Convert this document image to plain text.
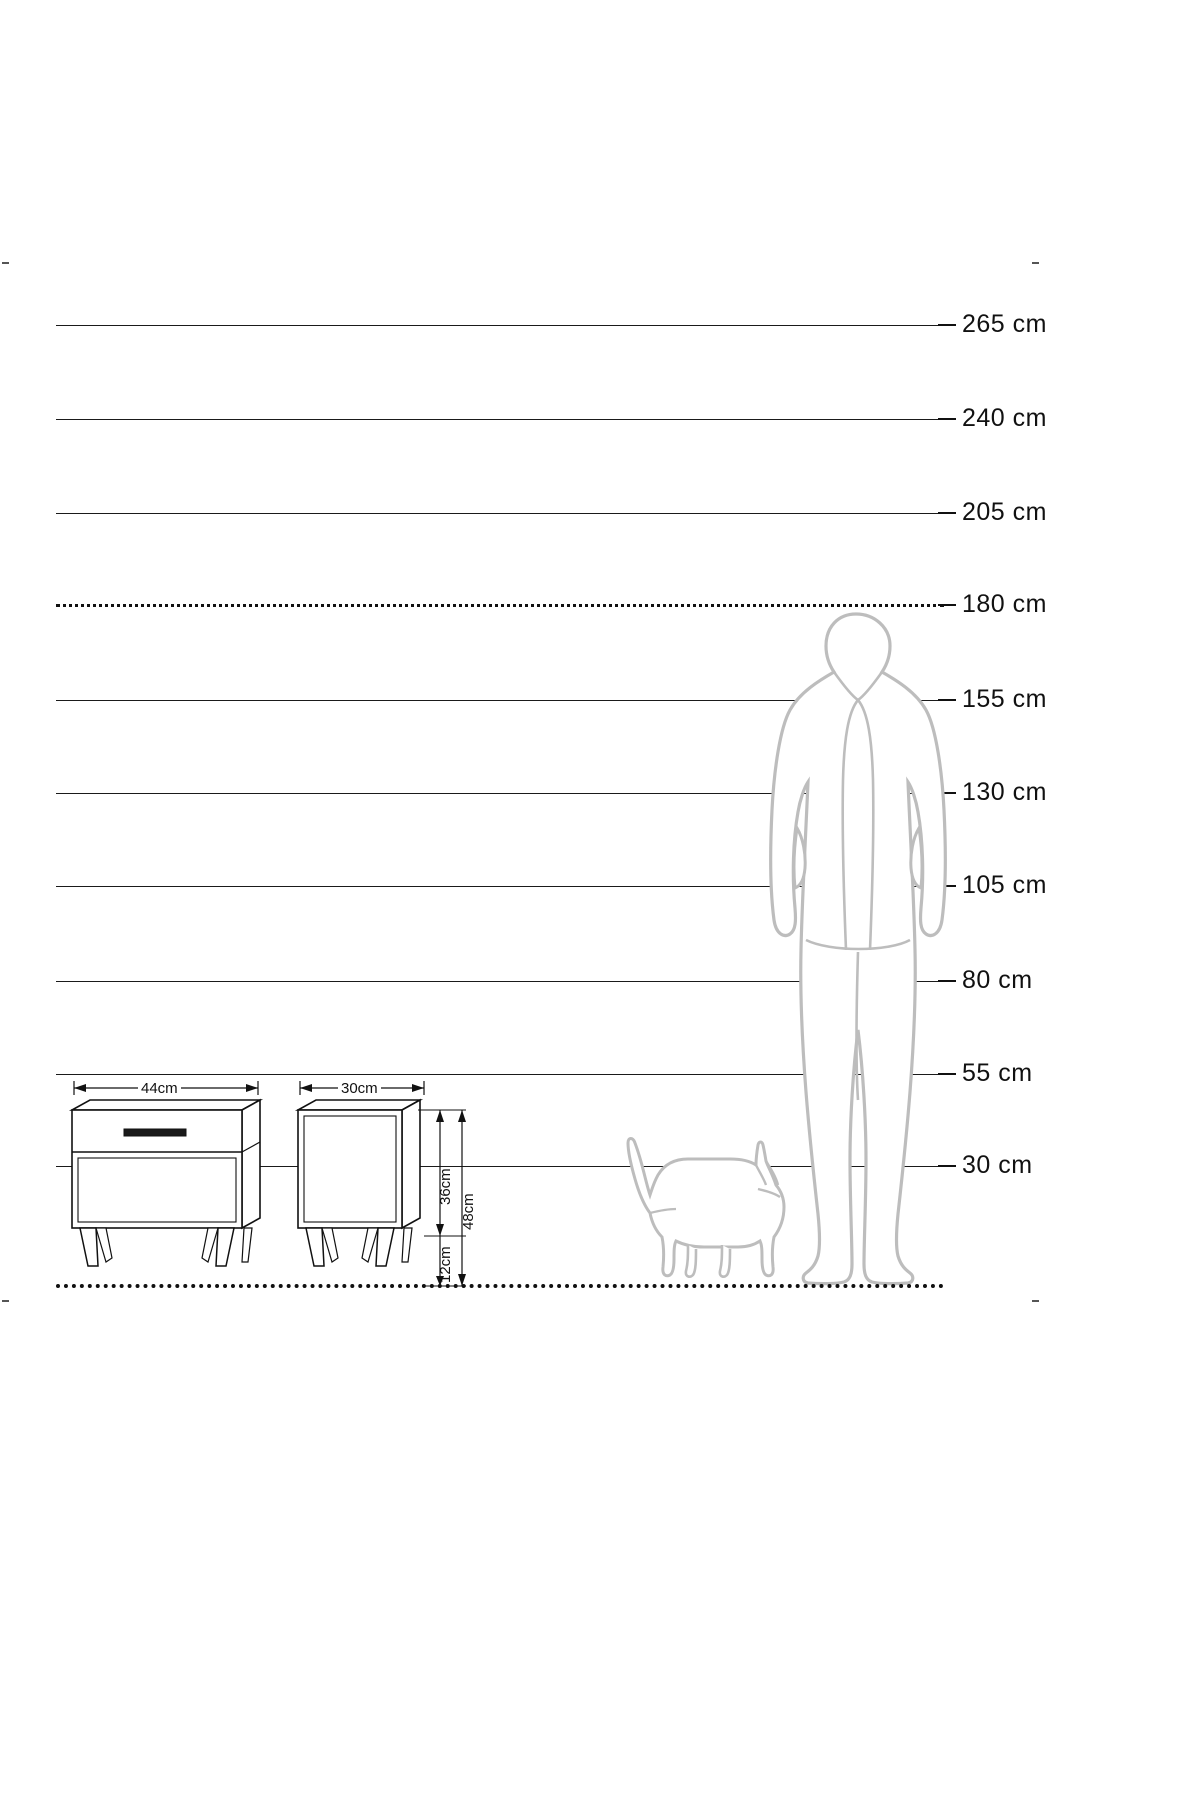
265 cm
240 cm
205 cm
180 cm
155 cm
130 cm
105 cm
80 cm
55 cm
30 cm
44cm	30cm
36cm
12cm
48cm
